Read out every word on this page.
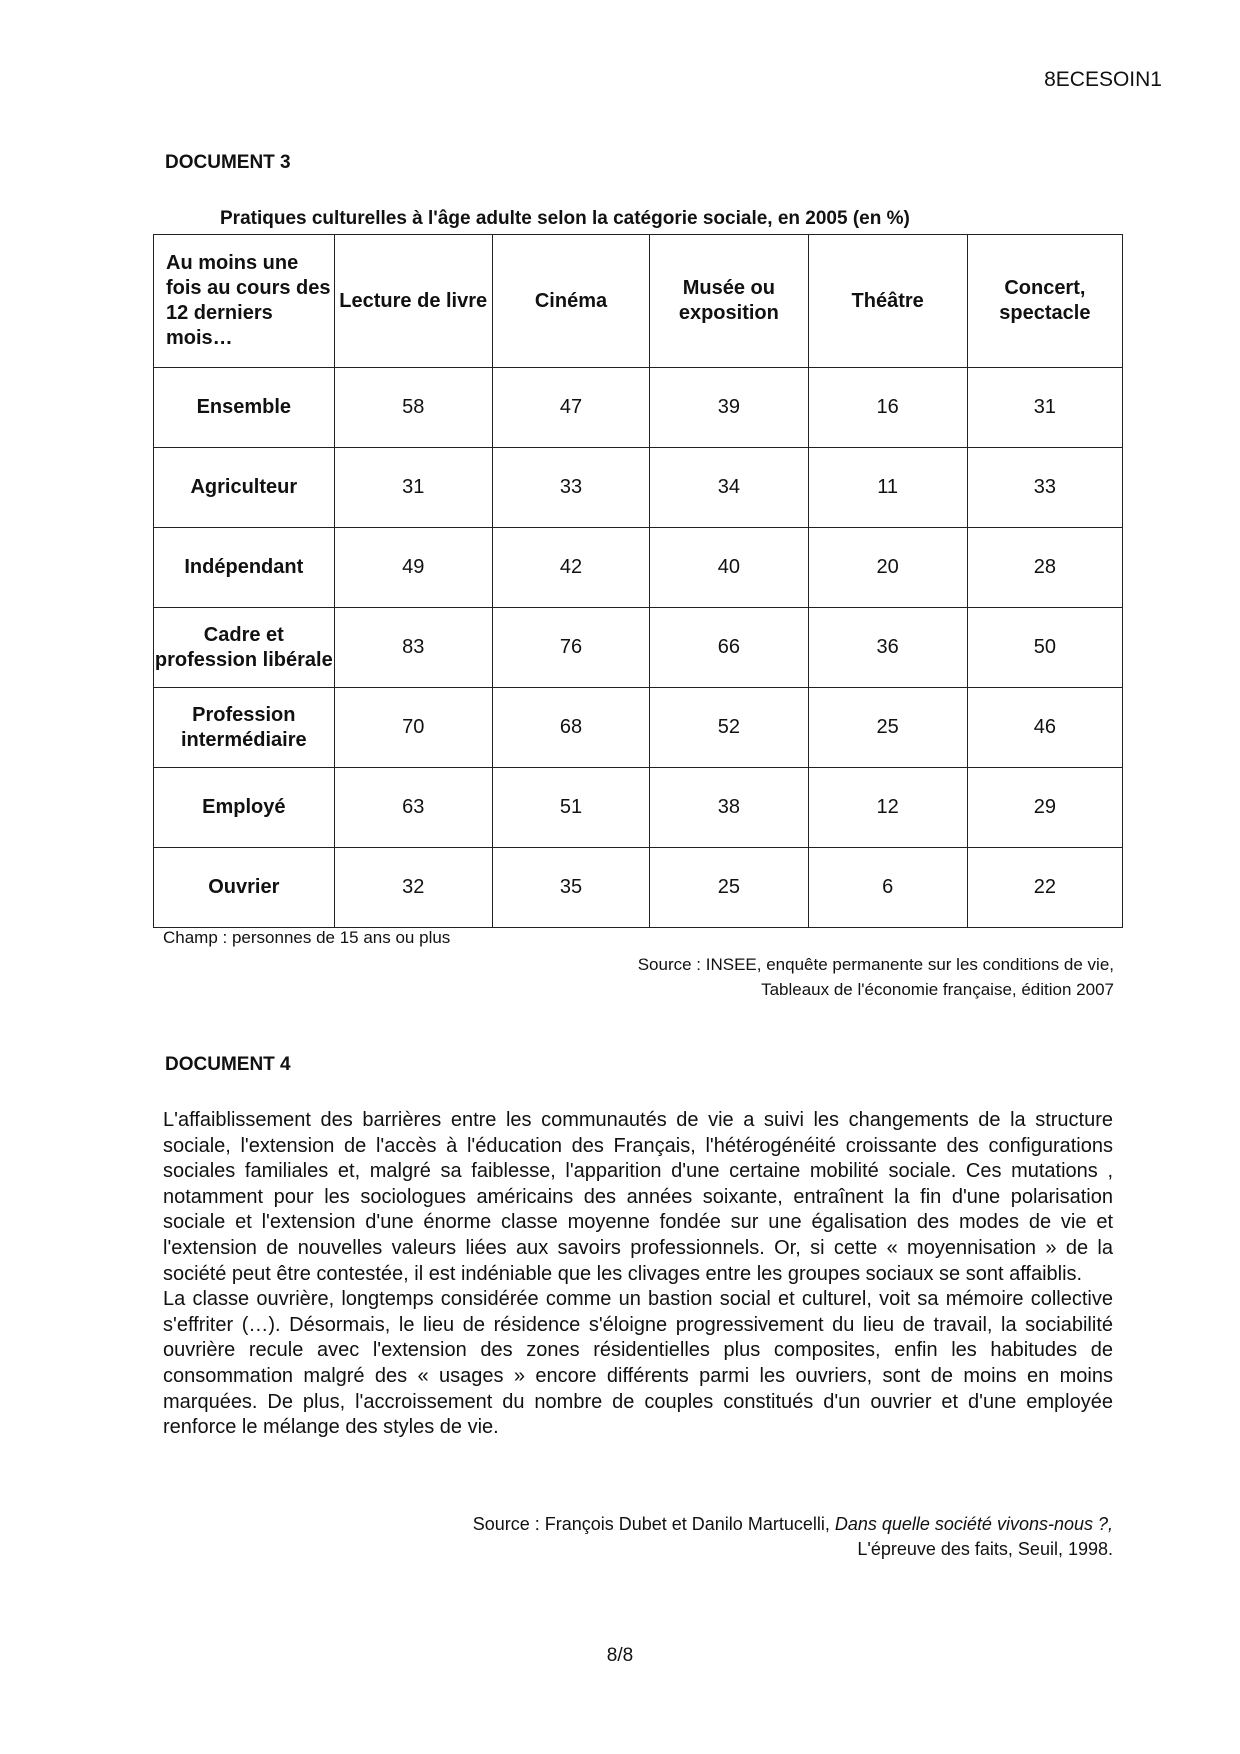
8ECESOIN1
DOCUMENT 3
Pratiques culturelles à l'âge adulte selon la catégorie sociale, en 2005 (en %)
Au moins une fois au cours des 12 derniers mois…	Lecture de livre	Cinéma	Musée ou exposition	Théâtre	Concert, spectacle
Ensemble	58	47	39	16	31
Agriculteur	31	33	34	11	33
Indépendant	49	42	40	20	28
Cadre et profession libérale	83	76	66	36	50
Profession intermédiaire	70	68	52	25	46
Employé	63	51	38	12	29
Ouvrier	32	35	25	6	22
Champ : personnes de 15 ans ou plus
Source : INSEE, enquête permanente sur les conditions de vie,
Tableaux de l'économie française, édition 2007
DOCUMENT 4

L'affaiblissement des barrières entre les communautés de vie a suivi les changements de la structure sociale, l'extension de l'accès à l'éducation des Français, l'hétérogénéité croissante des configurations sociales familiales et, malgré sa faiblesse, l'apparition d'une certaine mobilité sociale. Ces mutations , notamment pour les sociologues américains des années soixante, entraînent la fin d'une polarisation sociale et l'extension d'une énorme classe moyenne fondée sur une égalisation des modes de vie et l'extension de nouvelles valeurs liées aux savoirs professionnels. Or, si cette « moyennisation » de la société peut être contestée, il est indéniable que les clivages entre les groupes sociaux se sont affaiblis.

La classe ouvrière, longtemps considérée comme un bastion social et culturel, voit sa mémoire collective s'effriter (…). Désormais, le lieu de résidence s'éloigne progressivement du lieu de travail, la sociabilité ouvrière recule avec l'extension des zones résidentielles plus composites, enfin les habitudes de consommation malgré des « usages » encore différents parmi les ouvriers, sont de moins en moins marquées. De plus, l'accroissement du nombre de couples constitués d'un ouvrier et d'une employée renforce le mélange des styles de vie.

Source : François Dubet et Danilo Martucelli, Dans quelle société vivons-nous ?,
L'épreuve des faits, Seuil, 1998.
8/8
